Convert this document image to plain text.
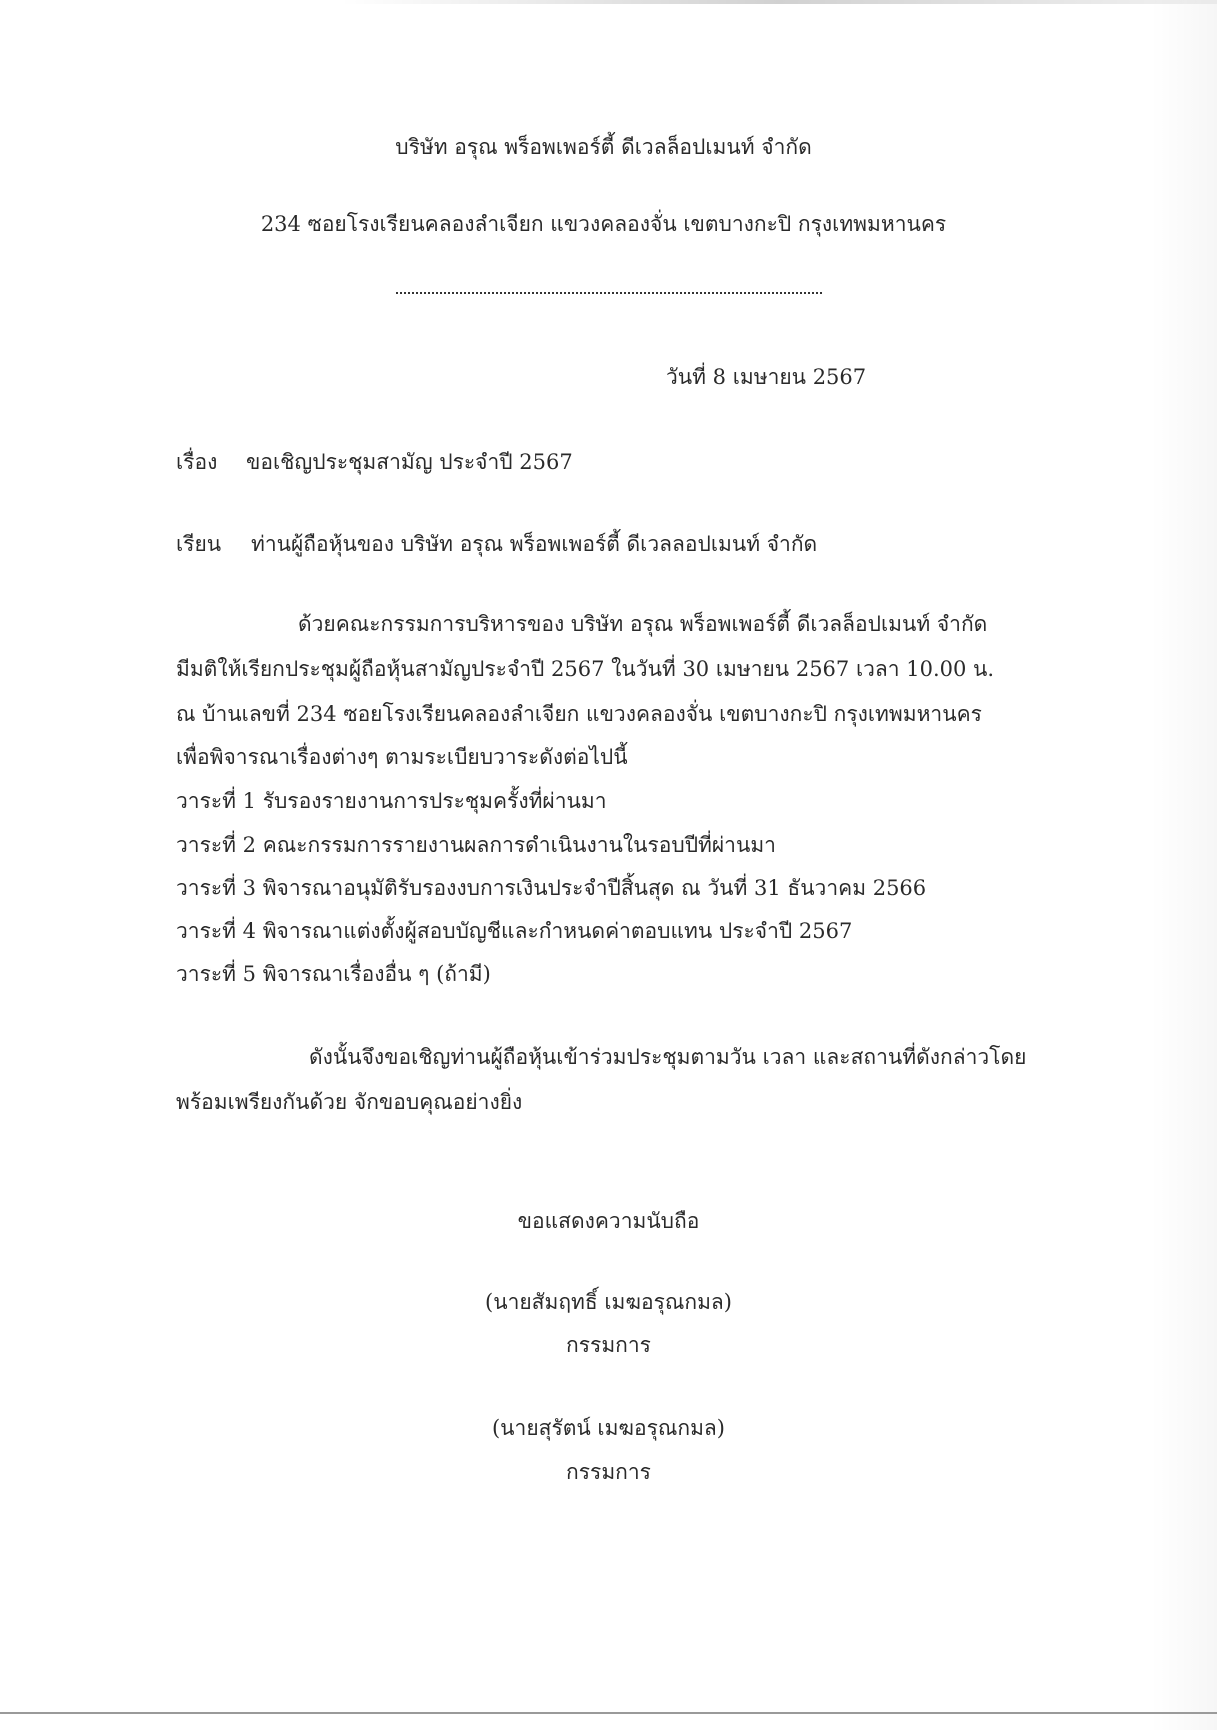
บริษัท อรุณ พร็อพเพอร์ตี้ ดีเวลล็อปเมนท์ จำกัด
234 ซอยโรงเรียนคลองลำเจียก แขวงคลองจั่น เขตบางกะปิ กรุงเทพมหานคร
วันที่ 8 เมษายน 2567
เรื่อง ขอเชิญประชุมสามัญ ประจำปี 2567
เรียน ท่านผู้ถือหุ้นของ บริษัท อรุณ พร็อพเพอร์ตี้ ดีเวลลอปเมนท์ จำกัด
ด้วยคณะกรรมการบริหารของ บริษัท อรุณ พร็อพเพอร์ตี้ ดีเวลล็อปเมนท์ จำกัด
มีมติให้เรียกประชุมผู้ถือหุ้นสามัญประจำปี 2567 ในวันที่ 30 เมษายน 2567 เวลา 10.00 น.
ณ บ้านเลขที่ 234 ซอยโรงเรียนคลองลำเจียก แขวงคลองจั่น เขตบางกะปิ กรุงเทพมหานคร
เพื่อพิจารณาเรื่องต่างๆ ตามระเบียบวาระดังต่อไปนี้
วาระที่ 1 รับรองรายงานการประชุมครั้งที่ผ่านมา
วาระที่ 2 คณะกรรมการรายงานผลการดำเนินงานในรอบปีที่ผ่านมา
วาระที่ 3 พิจารณาอนุมัติรับรองงบการเงินประจำปีสิ้นสุด ณ วันที่ 31 ธันวาคม 2566
วาระที่ 4 พิจารณาแต่งตั้งผู้สอบบัญชีและกำหนดค่าตอบแทน ประจำปี 2567
วาระที่ 5 พิจารณาเรื่องอื่น ๆ (ถ้ามี)
ดังนั้นจึงขอเชิญท่านผู้ถือหุ้นเข้าร่วมประชุมตามวัน เวลา และสถานที่ดังกล่าวโดย
พร้อมเพรียงกันด้วย จักขอบคุณอย่างยิ่ง
ขอแสดงความนับถือ
(นายสัมฤทธิ์ เมฆอรุณกมล)
กรรมการ
(นายสุรัตน์ เมฆอรุณกมล)
กรรมการ
